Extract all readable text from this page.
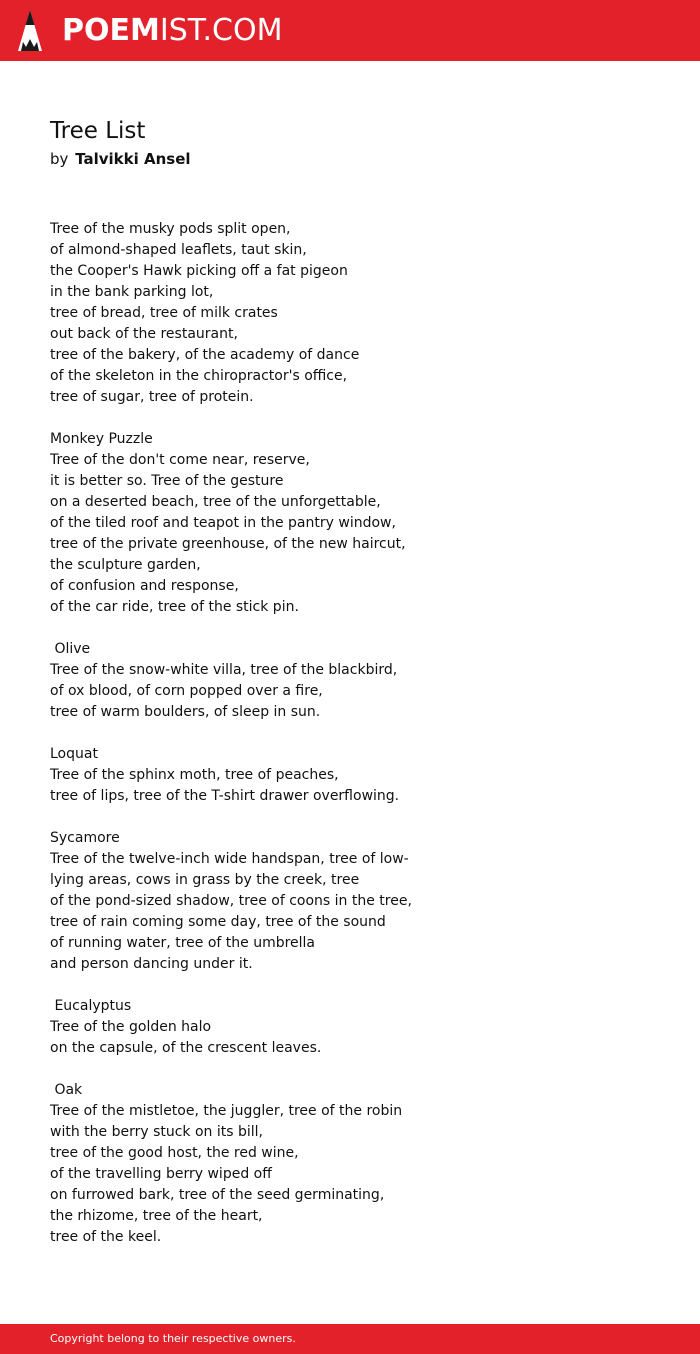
POEMIST.COM
Tree List
by Talvikki Ansel
Tree of the musky pods split open,
of almond-shaped leaflets, taut skin,
the Cooper's Hawk picking off a fat pigeon
in the bank parking lot,
tree of bread, tree of milk crates
out back of the restaurant,
tree of the bakery, of the academy of dance
of the skeleton in the chiropractor's office,
tree of sugar, tree of protein.

Monkey Puzzle
Tree of the don't come near, reserve,
it is better so. Tree of the gesture
on a deserted beach, tree of the unforgettable,
of the tiled roof and teapot in the pantry window,
tree of the private greenhouse, of the new haircut,
the sculpture garden,
of confusion and response,
of the car ride, tree of the stick pin.

Olive
Tree of the snow-white villa, tree of the blackbird,
of ox blood, of corn popped over a fire,
tree of warm boulders, of sleep in sun.

Loquat
Tree of the sphinx moth, tree of peaches,
tree of lips, tree of the T-shirt drawer overflowing.

Sycamore
Tree of the twelve-inch wide handspan, tree of low-
lying areas, cows in grass by the creek, tree
of the pond-sized shadow, tree of coons in the tree,
tree of rain coming some day, tree of the sound
of running water, tree of the umbrella
and person dancing under it.

Eucalyptus
Tree of the golden halo
on the capsule, of the crescent leaves.

Oak
Tree of the mistletoe, the juggler, tree of the robin
with the berry stuck on its bill,
tree of the good host, the red wine,
of the travelling berry wiped off
on furrowed bark, tree of the seed germinating,
the rhizome, tree of the heart,
tree of the keel.
Copyright belong to their respective owners.
